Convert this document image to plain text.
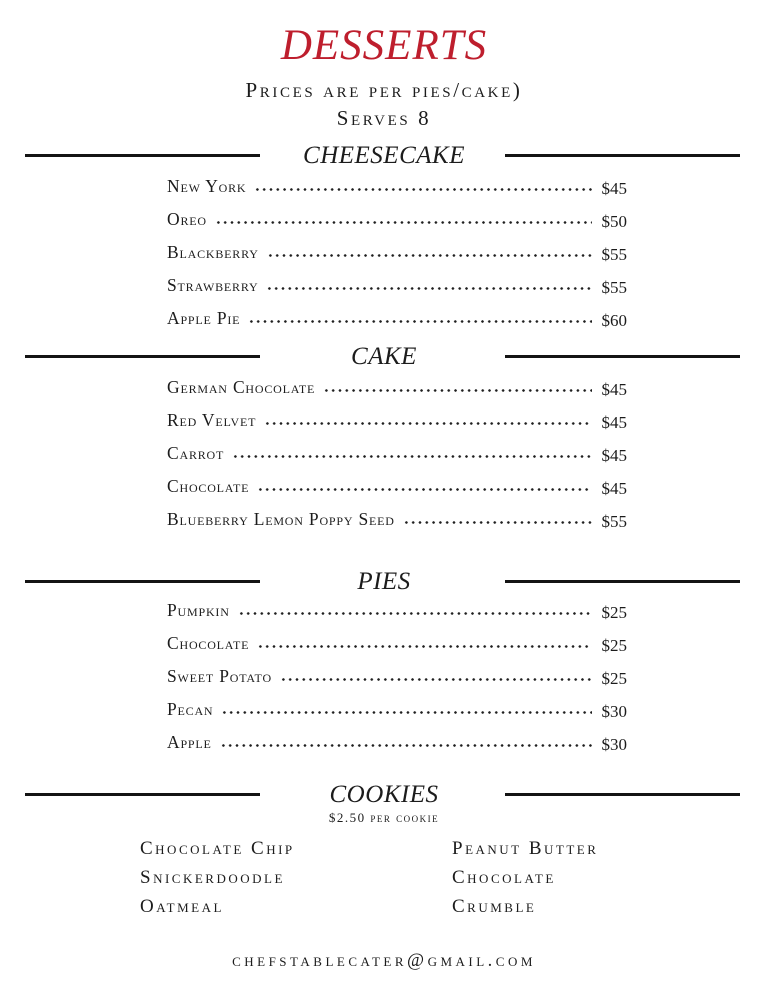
DESSERTS
Prices are per pies/cake)
Serves 8
CHEESECAKE
New York	$45
Oreo	$50
Blackberry	$55
Strawberry	$55
Apple Pie	$60
CAKE
German Chocolate	$45
Red Velvet	$45
Carrot	$45
Chocolate	$45
Blueberry Lemon Poppy Seed	$55
PIES
Pumpkin	$25
Chocolate	$25
Sweet Potato	$25
Pecan	$30
Apple	$30
COOKIES
$2.50 per cookie
Chocolate Chip
Snickerdoodle
Oatmeal
Peanut Butter
Chocolate
Crumble
chefstablecater@gmail.com
